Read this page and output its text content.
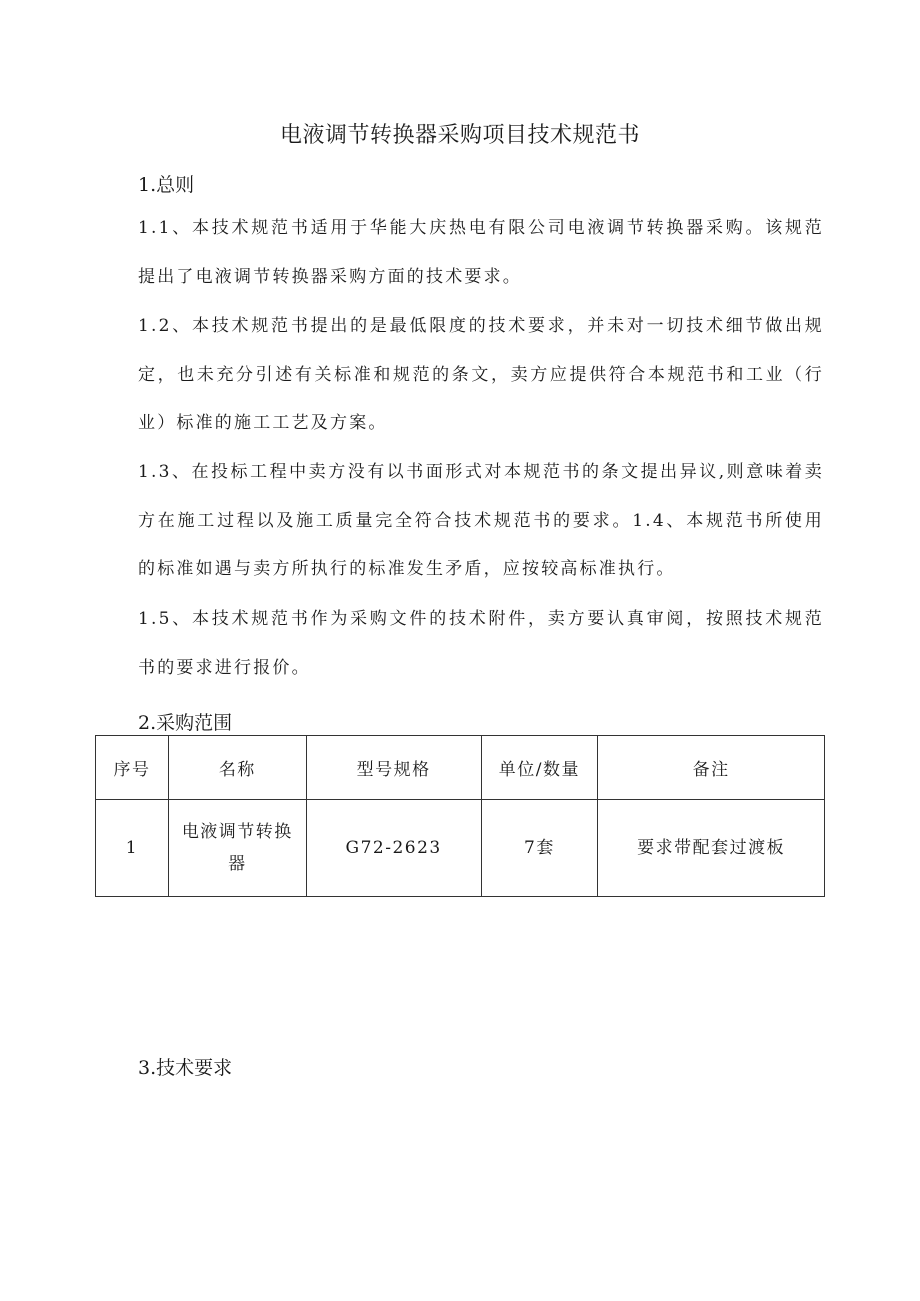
电液调节转换器采购项目技术规范书
1.总则
1.1、本技术规范书适用于华能大庆热电有限公司电液调节转换器采购。该规范提出了电液调节转换器采购方面的技术要求。
1.2、本技术规范书提出的是最低限度的技术要求，并未对一切技术细节做出规定，也未充分引述有关标准和规范的条文，卖方应提供符合本规范书和工业（行业）标准的施工工艺及方案。
1.3、在投标工程中卖方没有以书面形式对本规范书的条文提出异议,则意味着卖方在施工过程以及施工质量完全符合技术规范书的要求。1.4、本规范书所使用的标准如遇与卖方所执行的标准发生矛盾，应按较高标准执行。
1.5、本技术规范书作为采购文件的技术附件，卖方要认真审阅，按照技术规范书的要求进行报价。
2.采购范围
序号	名称	型号规格	单位/数量	备注
1	电液调节转换器	G72-2623	7套	要求带配套过渡板
3.技术要求
